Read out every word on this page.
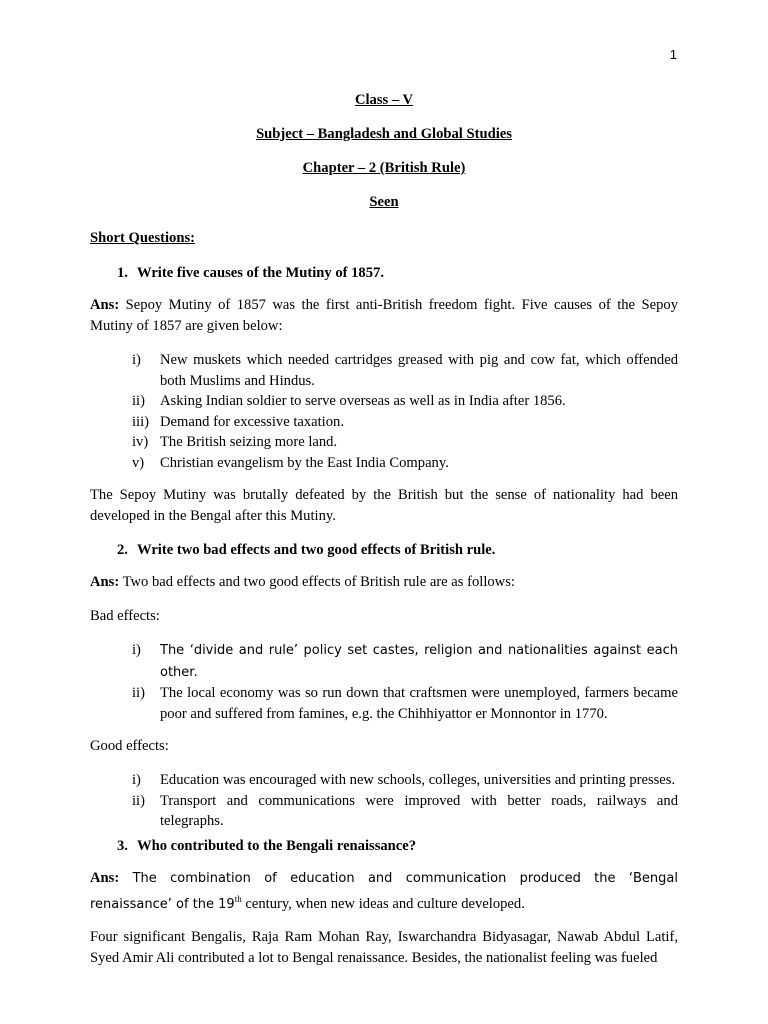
1
Class – V
Subject – Bangladesh and Global Studies
Chapter – 2 (British Rule)
Seen
Short Questions:
1. Write five causes of the Mutiny of 1857.

Ans: Sepoy Mutiny of 1857 was the first anti-British freedom fight. Five causes of the Sepoy Mutiny of 1857 are given below:

i)	New muskets which needed cartridges greased with pig and cow fat, which offended both Muslims and Hindus.
ii)	Asking Indian soldier to serve overseas as well as in India after 1856.
iii) Demand for excessive taxation.
iv) The British seizing more land.
v)	Christian evangelism by the East India Company.

The Sepoy Mutiny was brutally defeated by the British but the sense of nationality had been developed in the Bengal after this Mutiny.

2. Write two bad effects and two good effects of British rule.

Ans: Two bad effects and two good effects of British rule are as follows:

Bad effects:

i)	The ‘divide and rule’ policy set castes, religion and nationalities against each other.
ii)	The local economy was so run down that craftsmen were unemployed, farmers became poor and suffered from famines, e.g. the Chihhiyattor er Monnontor in 1770.

Good effects:

i)	Education was encouraged with new schools, colleges, universities and printing presses.
ii)	Transport and communications were improved with better roads, railways and telegraphs.
3. Who contributed to the Bengali renaissance?

Ans: The combination of education and communication produced the ‘Bengal renaissance’ of the 19th century, when new ideas and culture developed.

Four significant Bengalis, Raja Ram Mohan Ray, Iswarchandra Bidyasagar, Nawab Abdul Latif, Syed Amir Ali contributed a lot to Bengal renaissance. Besides, the nationalist feeling was fueled
